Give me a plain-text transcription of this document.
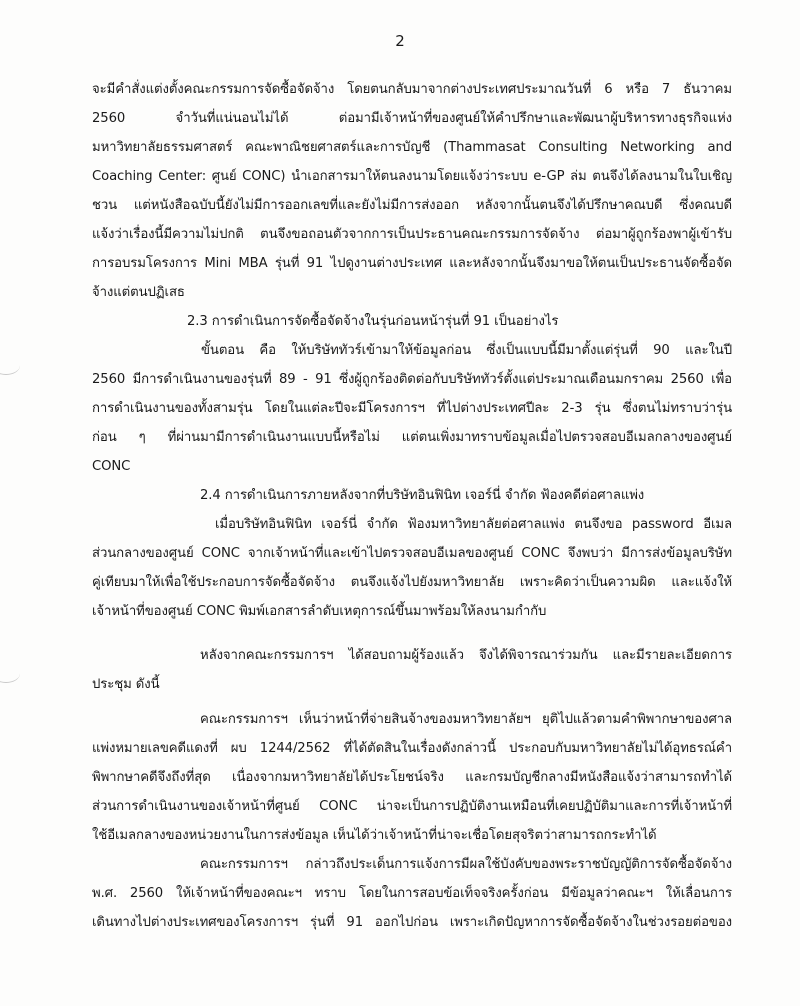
2
จะมีคำสั่งแต่งตั้งคณะกรรมการจัดซื้อจัดจ้าง โดยตนกลับมาจากต่างประเทศประมาณวันที่ 6 หรือ 7 ธันวาคม
2560 จำวันที่แน่นอนไม่ได้ ต่อมามีเจ้าหน้าที่ของศูนย์ให้คำปรึกษาและพัฒนาผู้บริหารทางธุรกิจแห่ง
มหาวิทยาลัยธรรมศาสตร์ คณะพาณิชยศาสตร์และการบัญชี (Thammasat Consulting Networking and
Coaching Center: ศูนย์ CONC) นำเอกสารมาให้ตนลงนามโดยแจ้งว่าระบบ e-GP ล่ม ตนจึงได้ลงนามในใบเชิญ
ชวน แต่หนังสือฉบับนี้ยังไม่มีการออกเลขที่และยังไม่มีการส่งออก หลังจากนั้นตนจึงได้ปรึกษาคณบดี ซึ่งคณบดี
แจ้งว่าเรื่องนี้มีความไม่ปกติ ตนจึงขอถอนตัวจากการเป็นประธานคณะกรรมการจัดจ้าง ต่อมาผู้ถูกร้องพาผู้เข้ารับ
การอบรมโครงการ Mini MBA รุ่นที่ 91 ไปดูงานต่างประเทศ และหลังจากนั้นจึงมาขอให้ตนเป็นประธานจัดซื้อจัด
จ้างแต่ตนปฏิเสธ
2.3 การดำเนินการจัดซื้อจัดจ้างในรุ่นก่อนหน้ารุ่นที่ 91 เป็นอย่างไร
ขั้นตอน คือ ให้บริษัททัวร์เข้ามาให้ข้อมูลก่อน ซึ่งเป็นแบบนี้มีมาตั้งแต่รุ่นที่ 90 และในปี
2560 มีการดำเนินงานของรุ่นที่ 89 - 91 ซึ่งผู้ถูกร้องติดต่อกับบริษัททัวร์ตั้งแต่ประมาณเดือนมกราคม 2560 เพื่อ
การดำเนินงานของทั้งสามรุ่น โดยในแต่ละปีจะมีโครงการฯ ที่ไปต่างประเทศปีละ 2-3 รุ่น ซึ่งตนไม่ทราบว่ารุ่น
ก่อน ๆ ที่ผ่านมามีการดำเนินงานแบบนี้หรือไม่ แต่ตนเพิ่งมาทราบข้อมูลเมื่อไปตรวจสอบอีเมลกลางของศูนย์
CONC
2.4 การดำเนินการภายหลังจากที่บริษัทอินฟินิท เจอร์นี่ จำกัด ฟ้องคดีต่อศาลแพ่ง
เมื่อบริษัทอินฟินิท เจอร์นี่ จำกัด ฟ้องมหาวิทยาลัยต่อศาลแพ่ง ตนจึงขอ password อีเมล
ส่วนกลางของศูนย์ CONC จากเจ้าหน้าที่และเข้าไปตรวจสอบอีเมลของศูนย์ CONC จึงพบว่า มีการส่งข้อมูลบริษัท
คู่เทียบมาให้เพื่อใช้ประกอบการจัดซื้อจัดจ้าง ตนจึงแจ้งไปยังมหาวิทยาลัย เพราะคิดว่าเป็นความผิด และแจ้งให้
เจ้าหน้าที่ของศูนย์ CONC พิมพ์เอกสารลำดับเหตุการณ์ขึ้นมาพร้อมให้ลงนามกำกับ
หลังจากคณะกรรมการฯ ได้สอบถามผู้ร้องแล้ว จึงได้พิจารณาร่วมกัน และมีรายละเอียดการ
ประชุม ดังนี้
คณะกรรมการฯ เห็นว่าหน้าที่จ่ายสินจ้างของมหาวิทยาลัยฯ ยุติไปแล้วตามคำพิพากษาของศาล
แพ่งหมายเลขคดีแดงที่ ผบ 1244/2562 ที่ได้ตัดสินในเรื่องดังกล่าวนี้ ประกอบกับมหาวิทยาลัยไม่ได้อุทธรณ์คำ
พิพากษาคดีจึงถึงที่สุด เนื่องจากมหาวิทยาลัยได้ประโยชน์จริง และกรมบัญชีกลางมีหนังสือแจ้งว่าสามารถทำได้
ส่วนการดำเนินงานของเจ้าหน้าที่ศูนย์ CONC น่าจะเป็นการปฏิบัติงานเหมือนที่เคยปฏิบัติมาและการที่เจ้าหน้าที่
ใช้อีเมลกลางของหน่วยงานในการส่งข้อมูล เห็นได้ว่าเจ้าหน้าที่น่าจะเชื่อโดยสุจริตว่าสามารถกระทำได้
คณะกรรมการฯ กล่าวถึงประเด็นการแจ้งการมีผลใช้บังคับของพระราชบัญญัติการจัดซื้อจัดจ้าง
พ.ศ. 2560 ให้เจ้าหน้าที่ของคณะฯ ทราบ โดยในการสอบข้อเท็จจริงครั้งก่อน มีข้อมูลว่าคณะฯ ให้เลื่อนการ
เดินทางไปต่างประเทศของโครงการฯ รุ่นที่ 91 ออกไปก่อน เพราะเกิดปัญหาการจัดซื้อจัดจ้างในช่วงรอยต่อของ
